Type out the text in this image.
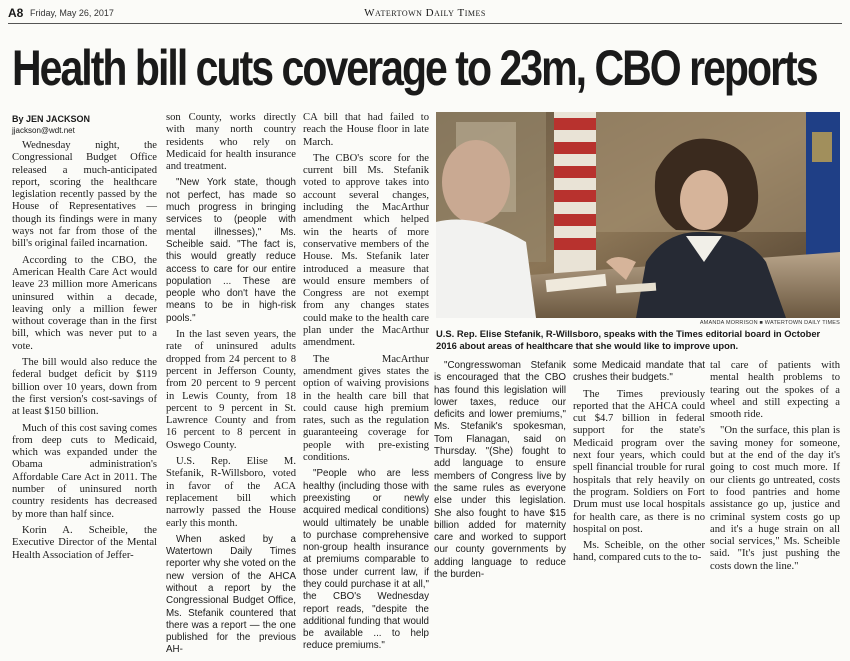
A8 Friday, May 26, 2017	Watertown Daily Times
Health bill cuts coverage to 23m, CBO reports
By JEN JACKSON
jjackson@wdt.net

Wednesday night, the Congressional Budget Office released a much-anticipated report, scoring the healthcare legislation recently passed by the House of Representatives — though its findings were in many ways not far from those of the bill's original failed incarnation.

According to the CBO, the American Health Care Act would leave 23 million more Americans uninsured within a decade, leaving only a million fewer without coverage than in the first bill, which was never put to a vote.

The bill would also reduce the federal budget deficit by $119 billion over 10 years, down from the first version's cost-savings of at least $150 billion.

Much of this cost saving comes from deep cuts to Medicaid, which was expanded under the Obama administration's Affordable Care Act in 2011. The number of uninsured north country residents has decreased by more than half since.

Korin A. Scheible, the Executive Director of the Mental Health Association of Jeffer-

son County, works directly with many north country residents who rely on Medicaid for health insurance and treatment.

"New York state, though not perfect, has made so much progress in bringing services to (people with mental illnesses)," Ms. Scheible said. "The fact is, this would greatly reduce access to care for our entire population ... These are people who don't have the means to be in high-risk pools."

In the last seven years, the rate of uninsured adults dropped from 24 percent to 8 percent in Jefferson County, from 20 percent to 9 percent in Lewis County, from 18 percent to 9 percent in St. Lawrence County and from 16 percent to 8 percent in Oswego County.

U.S. Rep. Elise M. Stefanik, R-Willsboro, voted in favor of the ACA replacement bill which narrowly passed the House early this month.

When asked by a Watertown Daily Times reporter why she voted on the new version of the AHCA without a report by the Congressional Budget Office, Ms. Stefanik countered that there was a report — the one published for the previous AH-

CA bill that had failed to reach the House floor in late March.

The CBO's score for the current bill Ms. Stefanik voted to approve takes into account several changes, including the MacArthur amendment which helped win the hearts of more conservative members of the House. Ms. Stefanik later introduced a measure that would ensure members of Congress are not exempt from any changes states could make to the health care plan under the MacArthur amendment.

The MacArthur amendment gives states the option of waiving provisions in the health care bill that could cause high premium rates, such as the regulation guaranteeing coverage for people with pre-existing conditions.

"People who are less healthy (including those with preexisting or newly acquired medical conditions) would ultimately be unable to purchase comprehensive non-group health insurance at premiums comparable to those under current law, if they could purchase it at all," the CBO's Wednesday report reads, "despite the additional funding that would be available ... to help reduce premiums."

AMANDA MORRISON ■ WATERTOWN DAILY TIMES
U.S. Rep. Elise Stefanik, R-Willsboro, speaks with the Times editorial board in October 2016 about areas of healthcare that she would like to improve upon.

"Congresswoman Stefanik is encouraged that the CBO has found this legislation will lower taxes, reduce our deficits and lower premiums," Ms. Stefanik's spokesman, Tom Flanagan, said on Thursday. "(She) fought to add language to ensure members of Congress live by the same rules as everyone else under this legislation. She also fought to have $15 billion added for maternity care and worked to support our county governments by adding language to reduce the burden-

some Medicaid mandate that crushes their budgets."

The Times previously reported that the AHCA could cut $4.7 billion in federal support for the state's Medicaid program over the next four years, which could spell financial trouble for rural hospitals that rely heavily on the program. Soldiers on Fort Drum must use local hospitals for health care, as there is no hospital on post.

Ms. Scheible, on the other hand, compared cuts to the to-

tal care of patients with mental health problems to tearing out the spokes of a wheel and still expecting a smooth ride.

"On the surface, this plan is saving money for someone, but at the end of the day it's going to cost much more. If our clients go untreated, costs to food pantries and home assistance go up, justice and criminal system costs go up and it's a huge strain on all social services," Ms. Scheible said. "It's just pushing the costs down the line."
